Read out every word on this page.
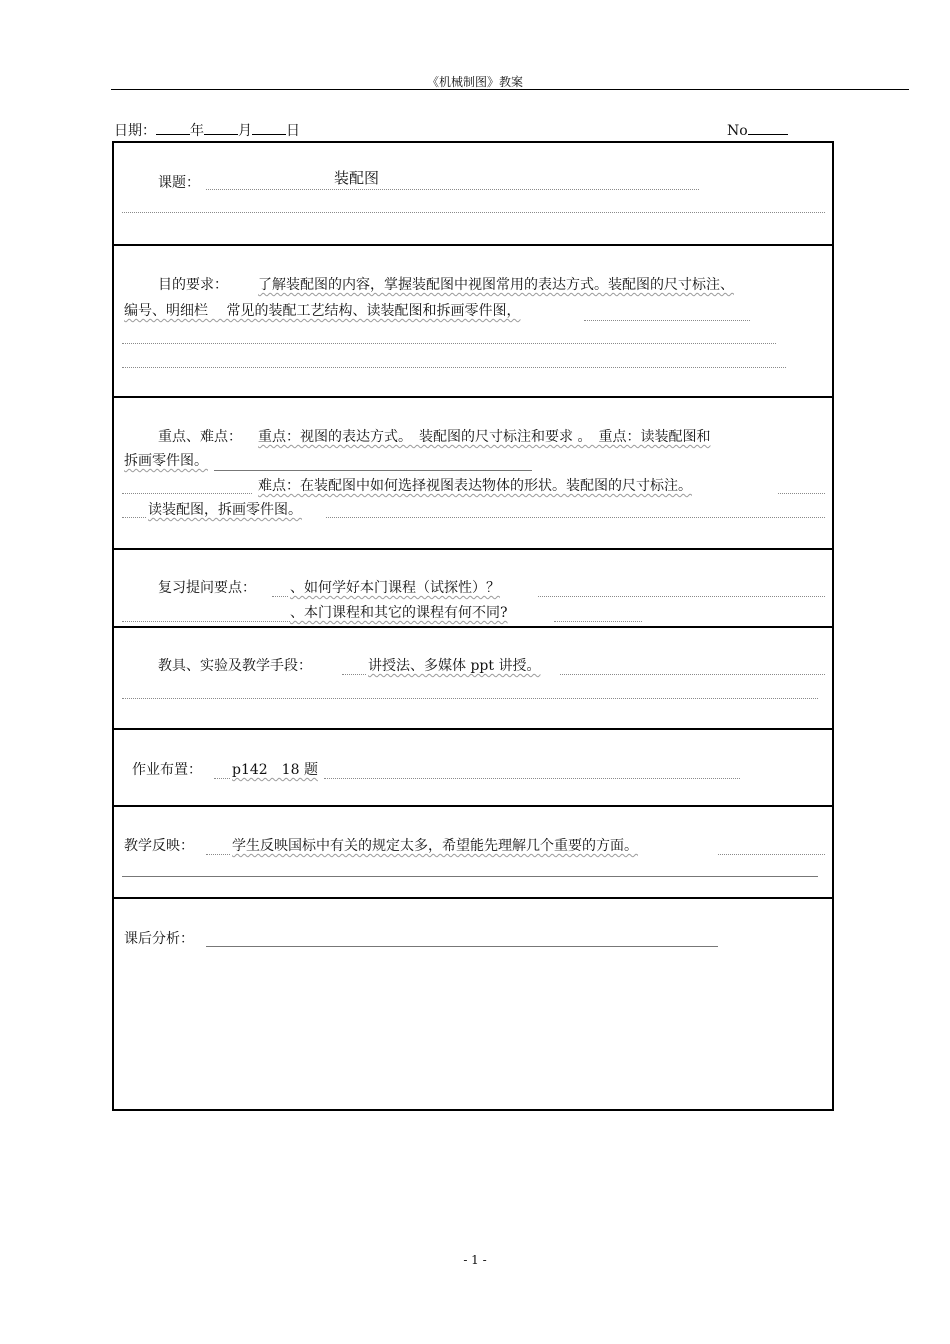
《机械制图》教案
日期： 年 月 日	No
课题：	装配图
目的要求： 了解装配图的内容，掌握装配图中视图常用的表达方式。装配图的尺寸标注、
编号、明细栏　 常见的装配工艺结构、读装配图和拆画零件图，
重点、难点： 重点：视图的表达方式。　装配图的尺寸标注和要求 。　重点：读装配图和
拆画零件图。
难点：在装配图中如何选择视图表达物体的形状。装配图的尺寸标注。
读装配图，拆画零件图。
复习提问要点： 、如何学好本门课程（试探性）？
、本门课程和其它的课程有何不同?
教具、实验及教学手段：	讲授法、多媒体 ppt 讲授。
作业布置： p142　18 题
教学反映：	学生反映国标中有关的规定太多，希望能先理解几个重要的方面。
课后分析：
- 1 -
